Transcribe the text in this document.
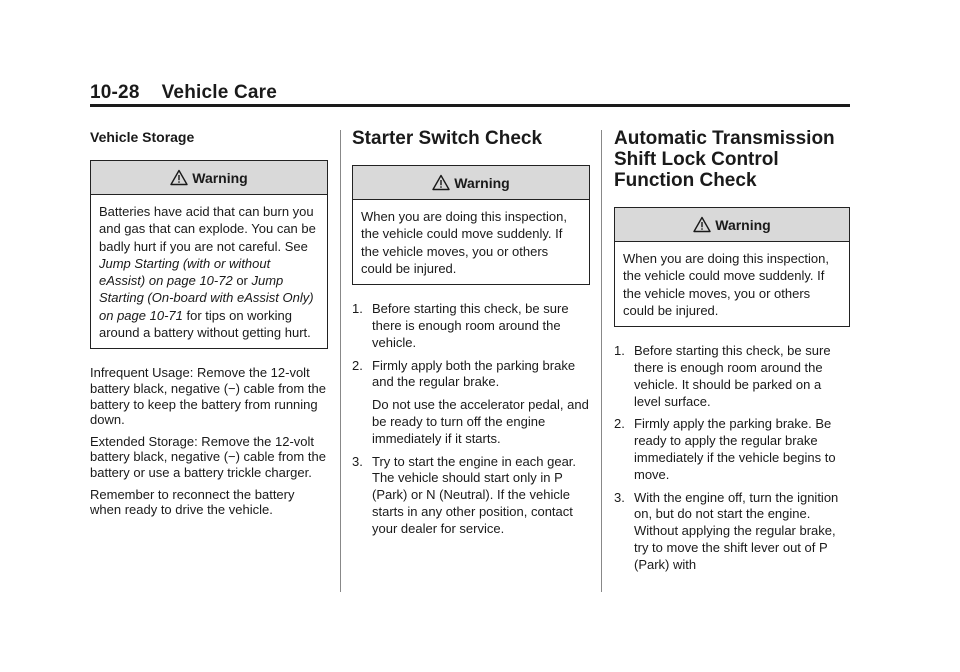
10-28 Vehicle Care
Vehicle Storage
Warning
Batteries have acid that can burn you and gas that can explode. You can be badly hurt if you are not careful. See Jump Starting (with or without eAssist) on page 10-72 or Jump Starting (On-board with eAssist Only) on page 10-71 for tips on working around a battery without getting hurt.

Infrequent Usage: Remove the 12-volt battery black, negative (−) cable from the battery to keep the battery from running down.

Extended Storage: Remove the 12-volt battery black, negative (−) cable from the battery or use a battery trickle charger.

Remember to reconnect the battery when ready to drive the vehicle.

Starter Switch Check
Warning
When you are doing this inspection, the vehicle could move suddenly. If the vehicle moves, you or others could be injured.
1. Before starting this check, be sure there is enough room around the vehicle.
2. Firmly apply both the parking brake and the regular brake.
Do not use the accelerator pedal, and be ready to turn off the engine immediately if it starts.
3. Try to start the engine in each gear. The vehicle should start only in P (Park) or N (Neutral). If the vehicle starts in any other position, contact your dealer for service.
Automatic Transmission
Shift Lock Control
Function Check
Warning
When you are doing this inspection, the vehicle could move suddenly. If the vehicle moves, you or others could be injured.
1. Before starting this check, be sure there is enough room around the vehicle. It should be parked on a level surface.
2. Firmly apply the parking brake. Be ready to apply the regular brake immediately if the vehicle begins to move.
3. With the engine off, turn the ignition on, but do not start the engine. Without applying the regular brake, try to move the shift lever out of P (Park) with
